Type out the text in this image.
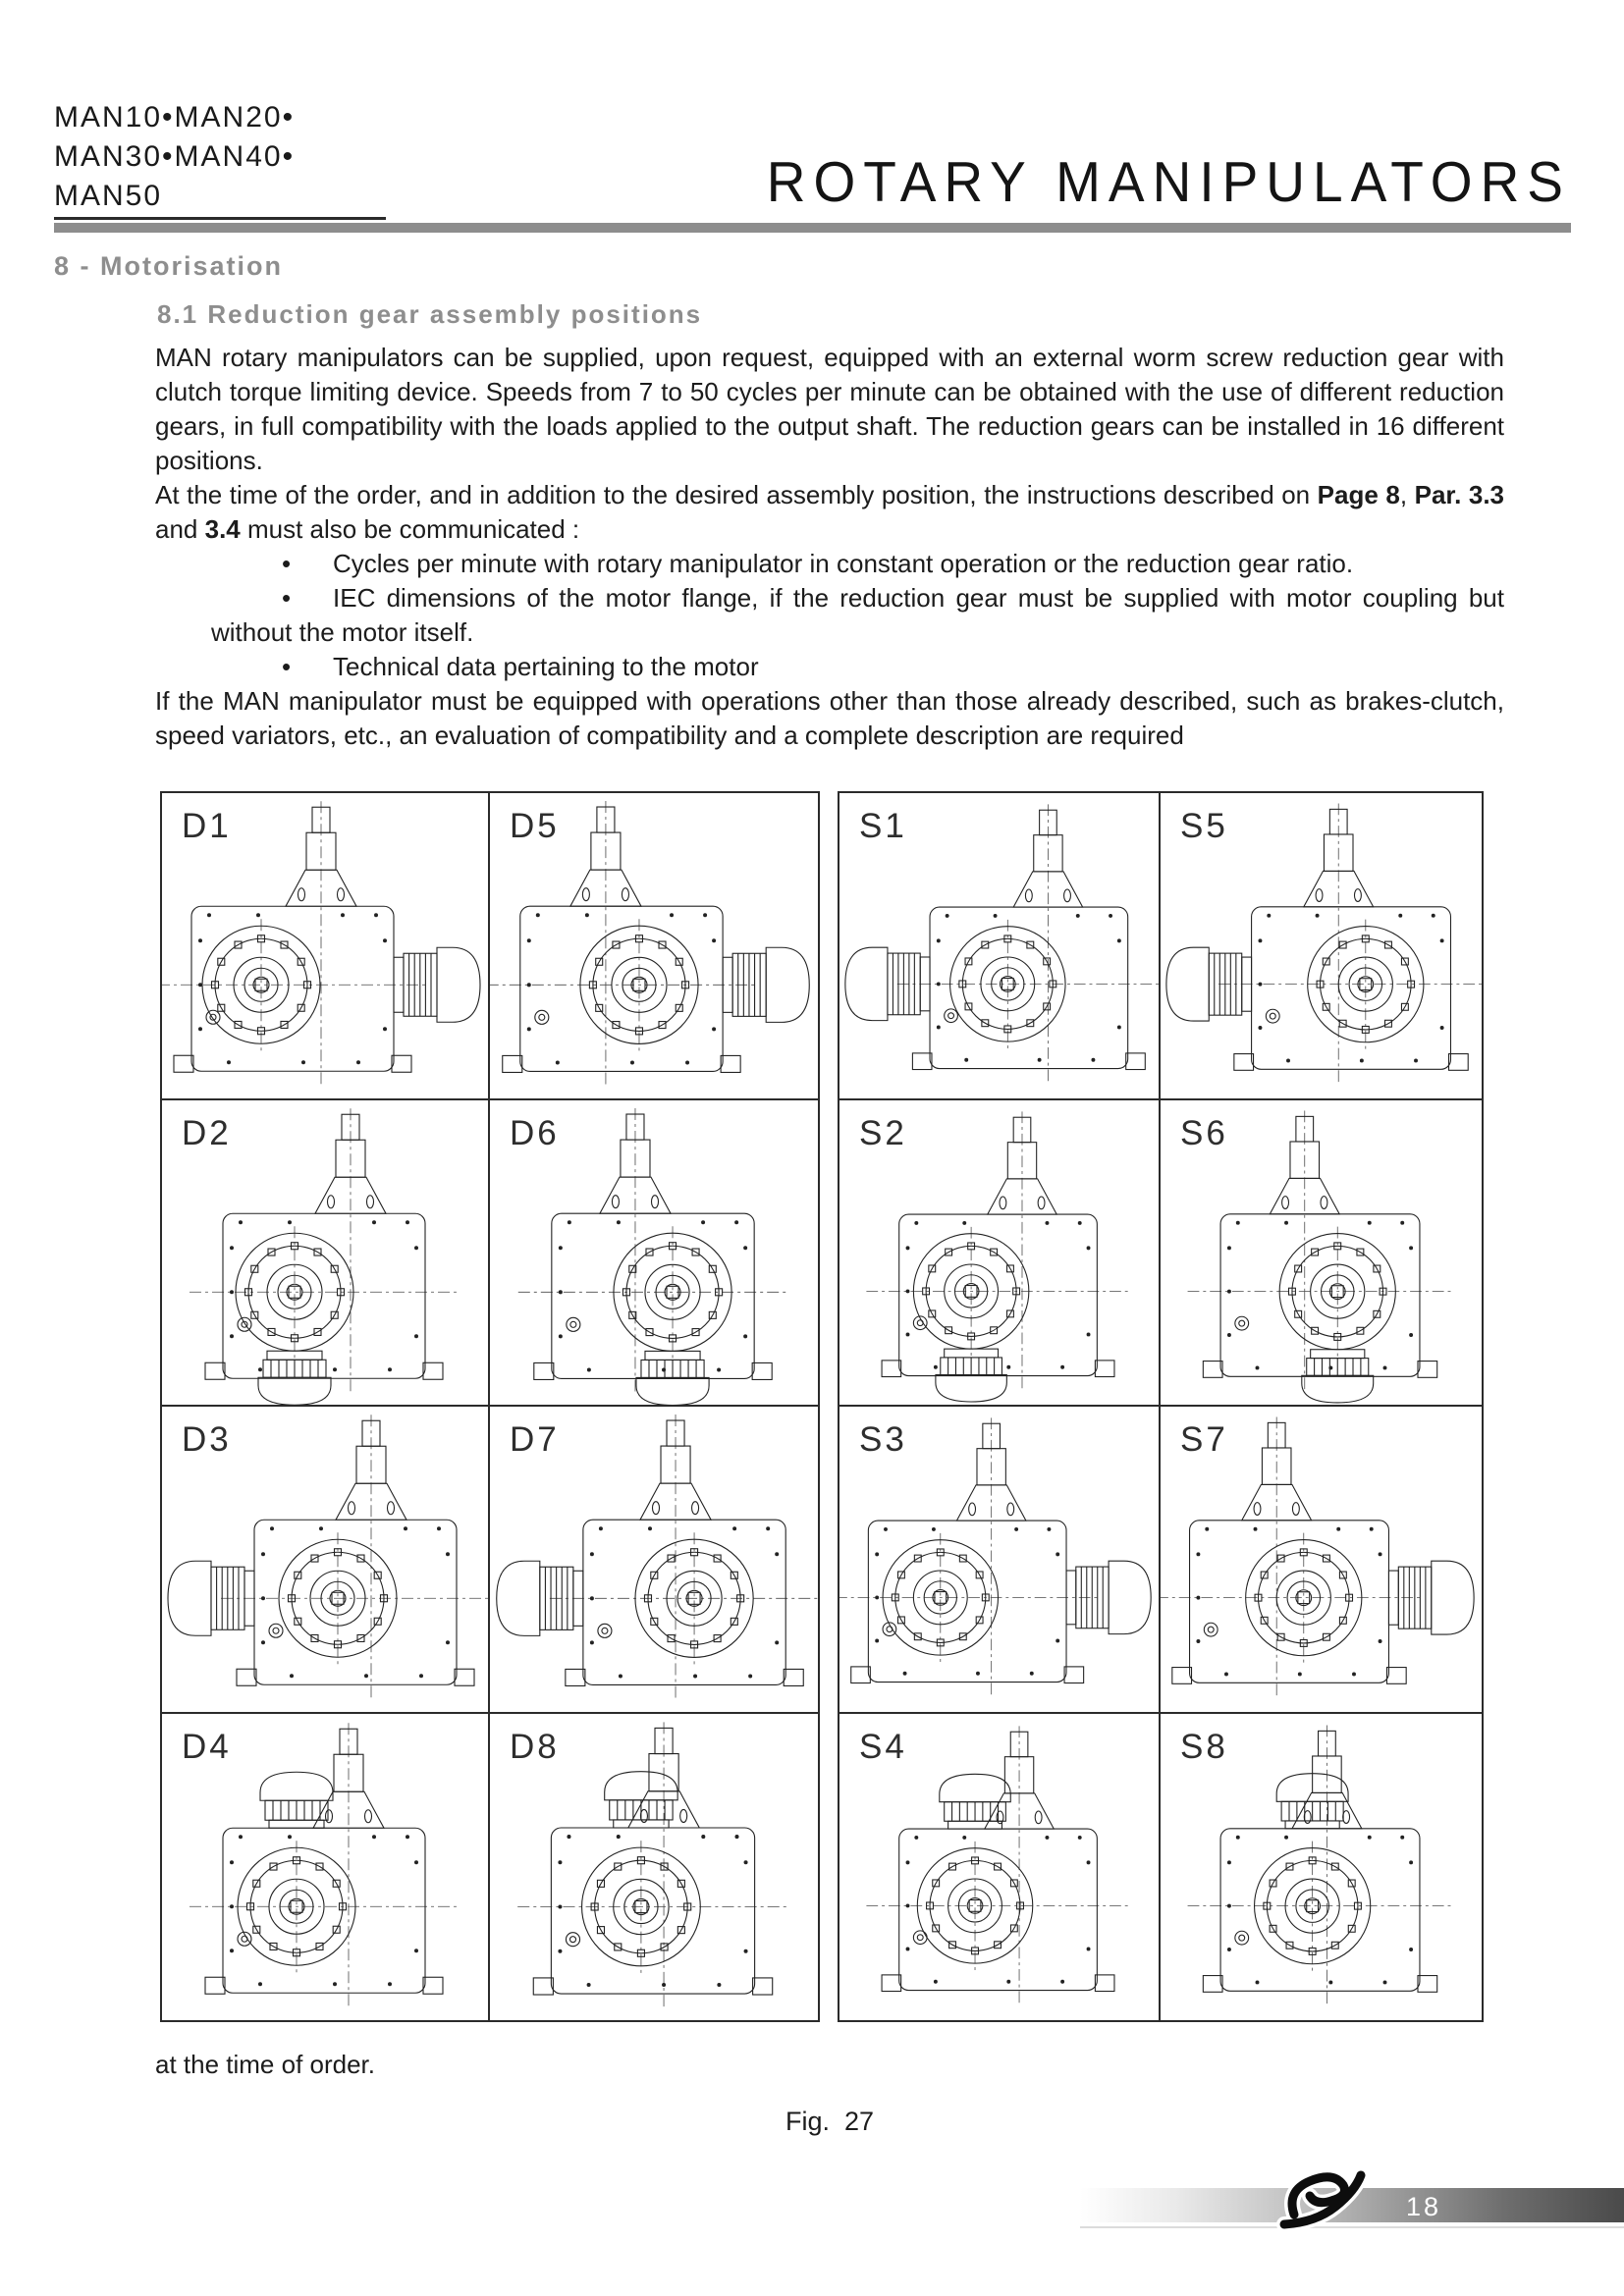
MAN10•MAN20•
MAN30•MAN40•
MAN50	ROTARY MANIPULATORS
8 - Motorisation
8.1 Reduction gear assembly positions

MAN rotary manipulators can be supplied, upon request, equipped with an external worm screw reduction gear with clutch torque limiting device. Speeds from 7 to 50 cycles per minute can be obtained with the use of different reduction gears, in full compatibility with the loads applied to the output shaft. The reduction gears can be installed in 16 different positions.

At the time of the order, and in addition to the desired assembly position, the instructions described on Page 8, Par. 3.3 and 3.4 must also be communicated :

• Cycles per minute with rotary manipulator in constant operation or the reduction gear ratio.
• IEC dimensions of the motor flange, if the reduction gear must be supplied with motor coupling but without the motor itself.
• Technical data pertaining to the motor

If the MAN manipulator must be equipped with operations other than those already described, such as brakes-clutch, speed variators, etc., an evaluation of compatibility and a complete description are required

D1	D5
D2	D6
D3	D7
D4	D8
S1	S5
S2	S6
S3	S7
S4	S8
at the time of order.
Fig.  27
18
